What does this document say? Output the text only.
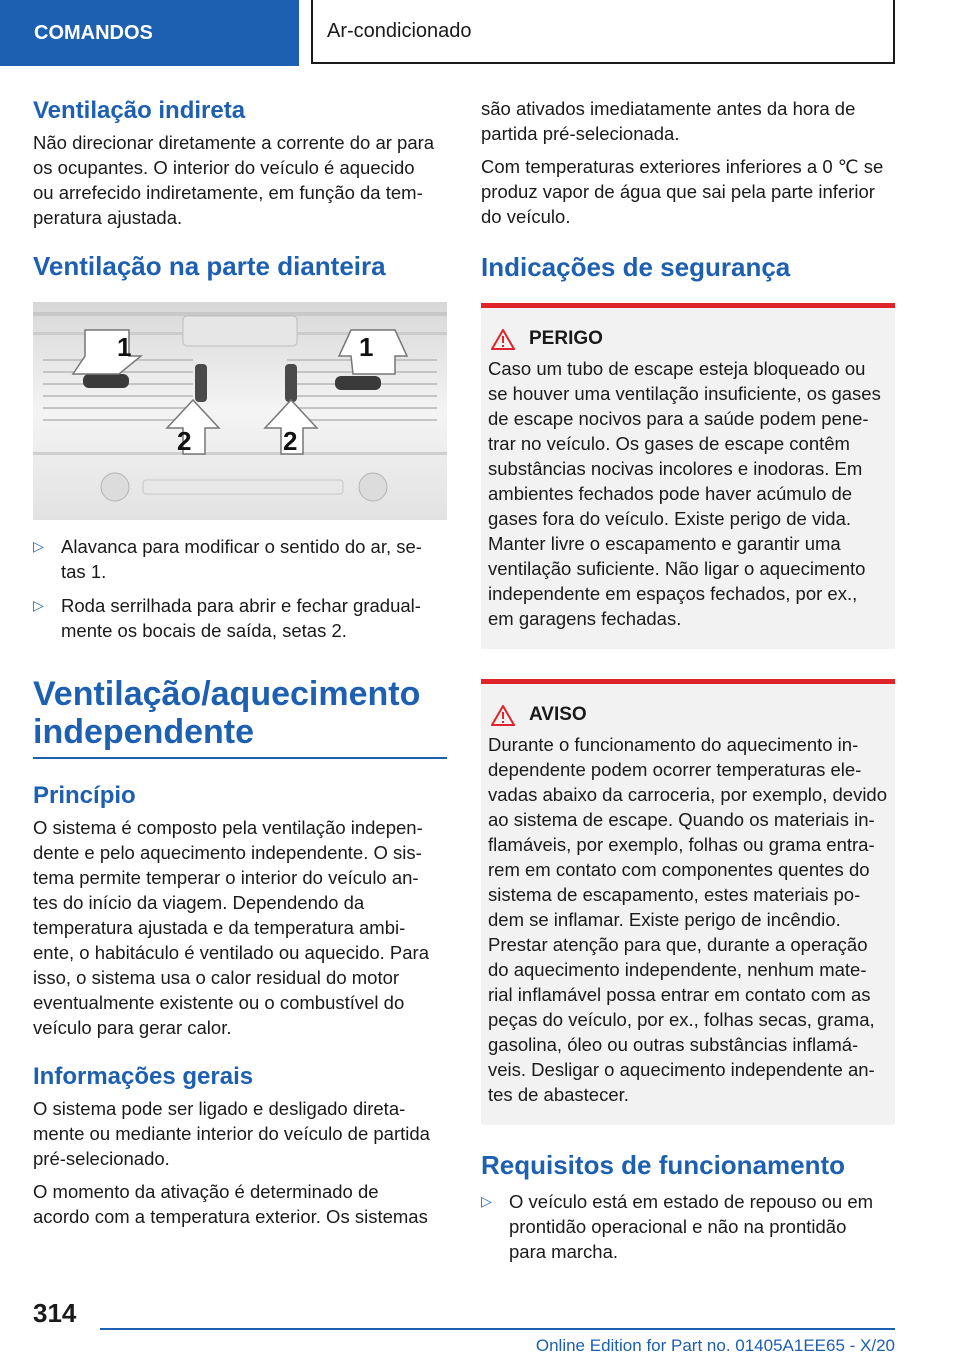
COMANDOS	Ar-condicionado
Ventilação indireta

Não direcionar diretamente a corrente do ar para
os ocupantes. O interior do veículo é aquecido
ou arrefecido indiretamente, em função da tem‐
peratura ajustada.

Ventilação na parte dianteira
1	1
2	2
▷ Alavanca para modificar o sentido do ar, se‐
tas 1.
▷ Roda serrilhada para abrir e fechar gradual‐
mente os bocais de saída, setas 2.
Ventilação/aquecimento
independente
Princípio

O sistema é composto pela ventilação indepen‐
dente e pelo aquecimento independente. O sis‐
tema permite temperar o interior do veículo an‐
tes do início da viagem. Dependendo da
temperatura ajustada e da temperatura ambi‐
ente, o habitáculo é ventilado ou aquecido. Para
isso, o sistema usa o calor residual do motor
eventualmente existente ou o combustível do
veículo para gerar calor.

Informações gerais

O sistema pode ser ligado e desligado direta‐
mente ou mediante interior do veículo de partida
pré-selecionado.

O momento da ativação é determinado de
acordo com a temperatura exterior. Os sistemas

são ativados imediatamente antes da hora de
partida pré-selecionada.

Com temperaturas exteriores inferiores a 0 ℃ se
produz vapor de água que sai pela parte inferior
do veículo.

Indicações de segurança
PERIGO

Caso um tubo de escape esteja bloqueado ou
se houver uma ventilação insuficiente, os gases
de escape nocivos para a saúde podem pene‐
trar no veículo. Os gases de escape contêm
substâncias nocivas incolores e inodoras. Em
ambientes fechados pode haver acúmulo de
gases fora do veículo. Existe perigo de vida.
Manter livre o escapamento e garantir uma
ventilação suficiente. Não ligar o aquecimento
independente em espaços fechados, por ex.,
em garagens fechadas.

AVISO

Durante o funcionamento do aquecimento in‐
dependente podem ocorrer temperaturas ele‐
vadas abaixo da carroceria, por exemplo, devido
ao sistema de escape. Quando os materiais in‐
flamáveis, por exemplo, folhas ou grama entra‐
rem em contato com componentes quentes do
sistema de escapamento, estes materiais po‐
dem se inflamar. Existe perigo de incêndio.
Prestar atenção para que, durante a operação
do aquecimento independente, nenhum mate‐
rial inflamável possa entrar em contato com as
peças do veículo, por ex., folhas secas, grama,
gasolina, óleo ou outras substâncias inflamá‐
veis. Desligar o aquecimento independente an‐
tes de abastecer.

Requisitos de funcionamento
▷ O veículo está em estado de repouso ou em
prontidão operacional e não na prontidão
para marcha.
314
Online Edition for Part no. 01405A1EE65 - X/20
